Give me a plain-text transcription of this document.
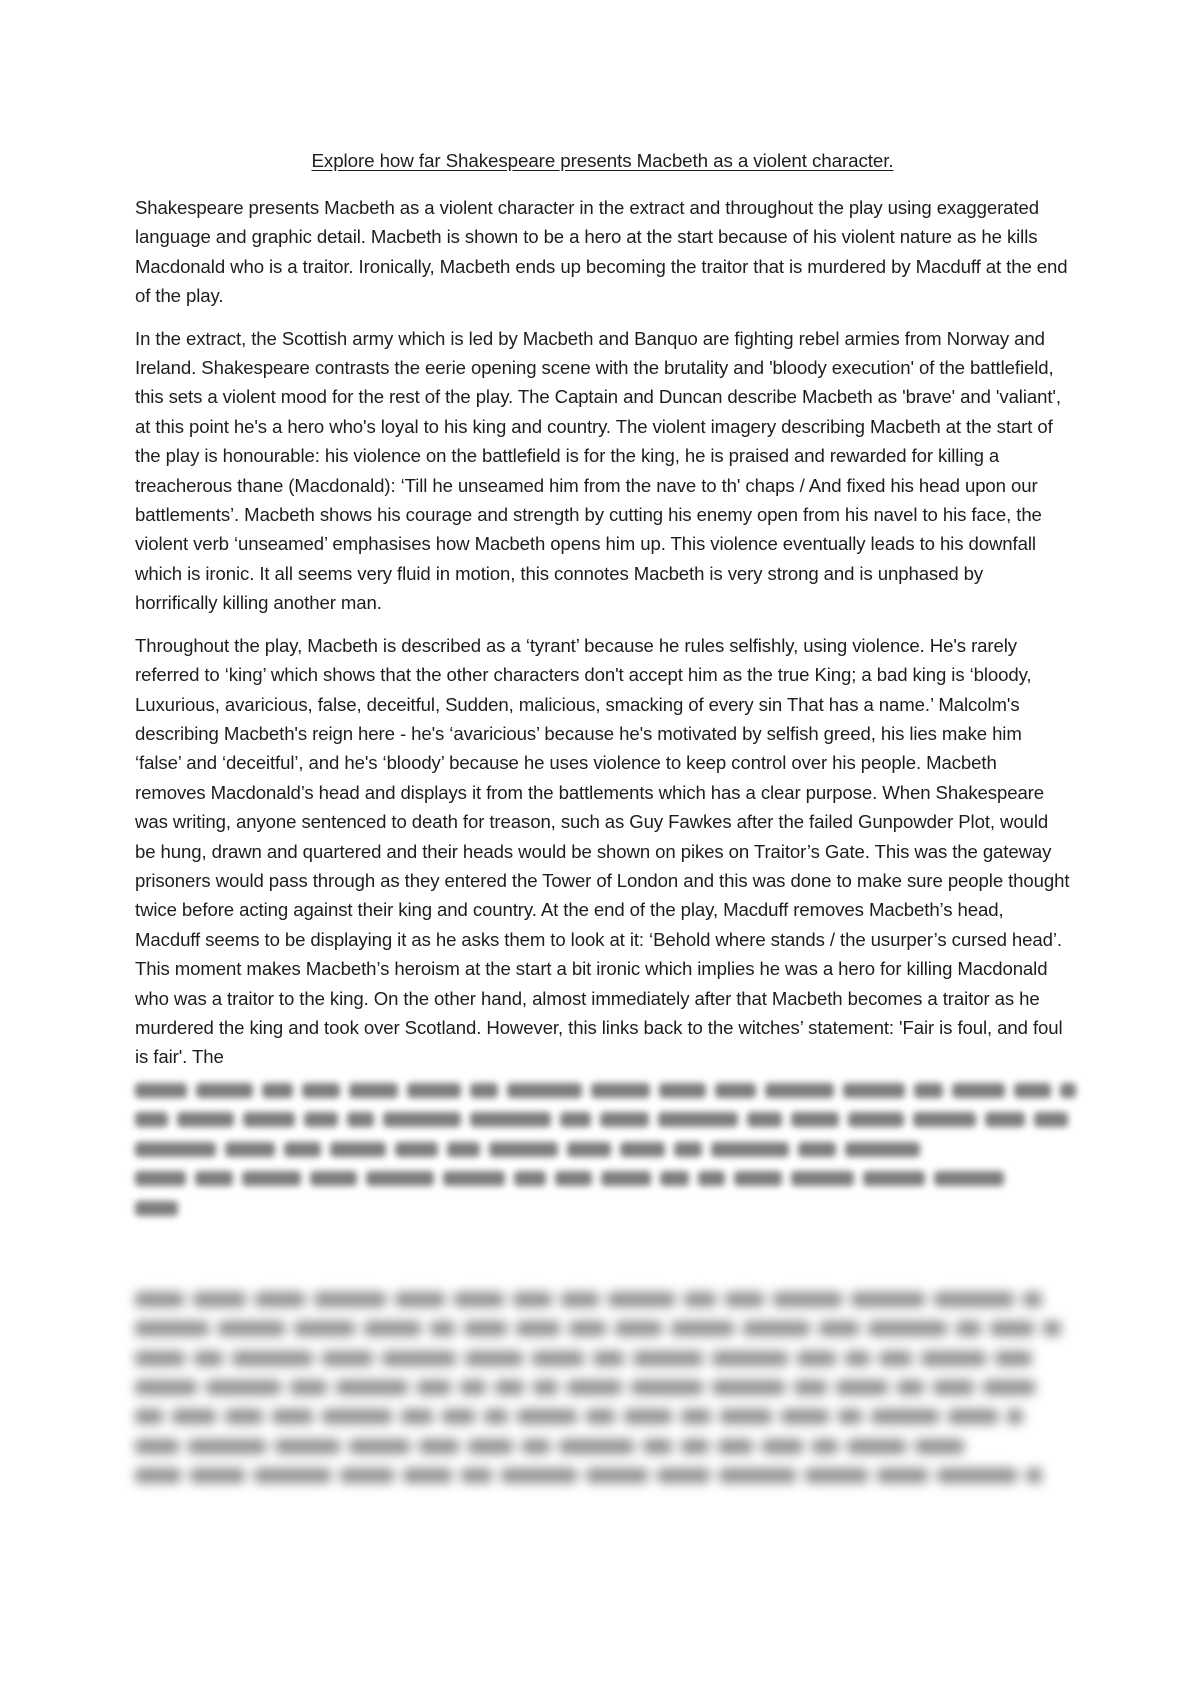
Explore how far Shakespeare presents Macbeth as a violent character.

Shakespeare presents Macbeth as a violent character in the extract and throughout the play using exaggerated language and graphic detail. Macbeth is shown to be a hero at the start because of his violent nature as he kills Macdonald who is a traitor. Ironically, Macbeth ends up becoming the traitor that is murdered by Macduff at the end of the play.

In the extract, the Scottish army which is led by Macbeth and Banquo are fighting rebel armies from Norway and Ireland. Shakespeare contrasts the eerie opening scene with the brutality and 'bloody execution' of the battlefield, this sets a violent mood for the rest of the play. The Captain and Duncan describe Macbeth as 'brave' and 'valiant', at this point he's a hero who's loyal to his king and country. The violent imagery describing Macbeth at the start of the play is honourable: his violence on the battlefield is for the king, he is praised and rewarded for killing a treacherous thane (Macdonald): ‘Till he unseamed him from the nave to th' chaps / And fixed his head upon our battlements’. Macbeth shows his courage and strength by cutting his enemy open from his navel to his face, the violent verb ‘unseamed’ emphasises how Macbeth opens him up. This violence eventually leads to his downfall which is ironic. It all seems very fluid in motion, this connotes Macbeth is very strong and is unphased by horrifically killing another man.

Throughout the play, Macbeth is described as a ‘tyrant’ because he rules selfishly, using violence. He's rarely referred to ‘king’ which shows that the other characters don't accept him as the true King; a bad king is ‘bloody, Luxurious, avaricious, false, deceitful, Sudden, malicious, smacking of every sin That has a name.’ Malcolm's describing Macbeth's reign here - he's ‘avaricious’ because he's motivated by selfish greed, his lies make him ‘false’ and ‘deceitful’, and he's ‘bloody’ because he uses violence to keep control over his people. Macbeth removes Macdonald’s head and displays it from the battlements which has a clear purpose. When Shakespeare was writing, anyone sentenced to death for treason, such as Guy Fawkes after the failed Gunpowder Plot, would be hung, drawn and quartered and their heads would be shown on pikes on Traitor’s Gate. This was the gateway prisoners would pass through as they entered the Tower of London and this was done to make sure people thought twice before acting against their king and country. At the end of the play, Macduff removes Macbeth’s head, Macduff seems to be displaying it as he asks them to look at it: ‘Behold where stands / the usurper’s cursed head’. This moment makes Macbeth’s heroism at the start a bit ironic which implies he was a hero for killing Macdonald who was a traitor to the king. On the other hand, almost immediately after that Macbeth becomes a traitor as he murdered the king and took over Scotland. However, this links back to the witches’ statement: 'Fair is foul, and foul is fair'. The
